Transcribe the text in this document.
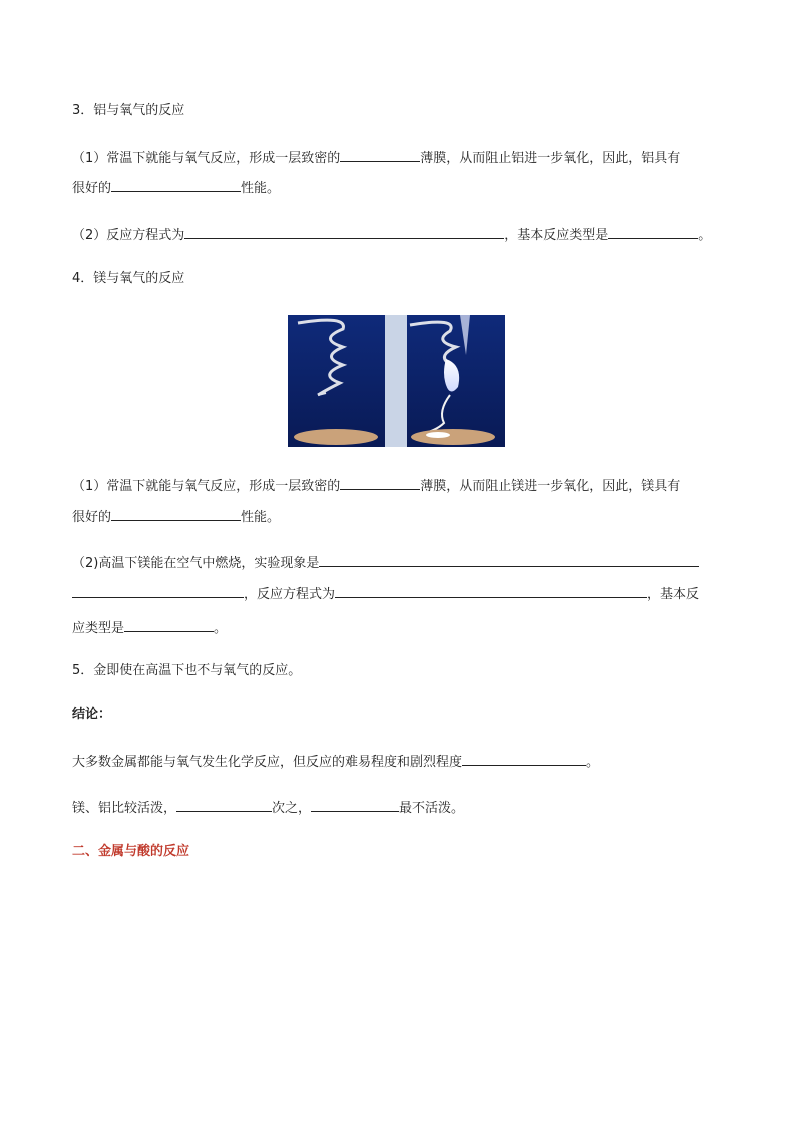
3．铝与氧气的反应
（1）常温下就能与氧气反应，形成一层致密的	薄膜，从而阻止铝进一步氧化，因此，铝具有
很好的	性能。
（2）反应方程式为	，基本反应类型是	。
4．镁与氧气的反应
（1）常温下就能与氧气反应，形成一层致密的	薄膜，从而阻止镁进一步氧化，因此，镁具有
很好的	性能。
（2)高温下镁能在空气中燃烧，实验现象是
，反应方程式为	，基本反
应类型是	。
5．金即使在高温下也不与氧气的反应。
结论：
大多数金属都能与氧气发生化学反应，但反应的难易程度和剧烈程度	。
镁、铝比较活泼，	次之，	最不活泼。
二、金属与酸的反应
